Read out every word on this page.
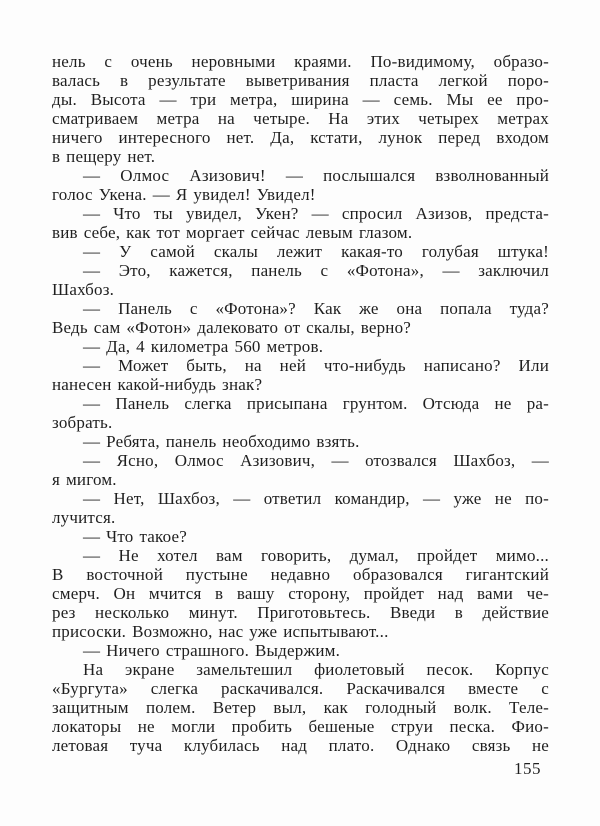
нель с очень неровными краями. По-видимому, образо-
валась в результате выветривания пласта легкой поро-
ды. Высота — три метра, ширина — семь. Мы ее про-
сматриваем метра на четыре. На этих четырех метрах
ничего интересного нет. Да, кстати, лунок перед входом
в пещеру нет.
— Олмос Азизович! — послышался взволнованный
голос Укена. — Я увидел! Увидел!
— Что ты увидел, Укен? — спросил Азизов, предста-
вив себе, как тот моргает сейчас левым глазом.
— У самой скалы лежит какая-то голубая штука!
— Это, кажется, панель с «Фотона», — заключил
Шахбоз.
— Панель с «Фотона»? Как же она попала туда?
Ведь сам «Фотон» далековато от скалы, верно?
— Да, 4 километра 560 метров.
— Может быть, на ней что-нибудь написано? Или
нанесен какой-нибудь знак?
— Панель слегка присыпана грунтом. Отсюда не ра-
зобрать.
— Ребята, панель необходимо взять.
— Ясно, Олмос Азизович, — отозвался Шахбоз, —
я мигом.
— Нет, Шахбоз, — ответил командир, — уже не по-
лучится.
— Что такое?
— Не хотел вам говорить, думал, пройдет мимо...
В восточной пустыне недавно образовался гигантский
смерч. Он мчится в вашу сторону, пройдет над вами че-
рез несколько минут. Приготовьтесь. Введи в действие
присоски. Возможно, нас уже испытывают...
— Ничего страшного. Выдержим.
На экране замельтешил фиолетовый песок. Корпус
«Бургута» слегка раскачивался. Раскачивался вместе с
защитным полем. Ветер выл, как голодный волк. Теле-
локаторы не могли пробить бешеные струи песка. Фио-
летовая туча клубилась над плато. Однако связь не
155
